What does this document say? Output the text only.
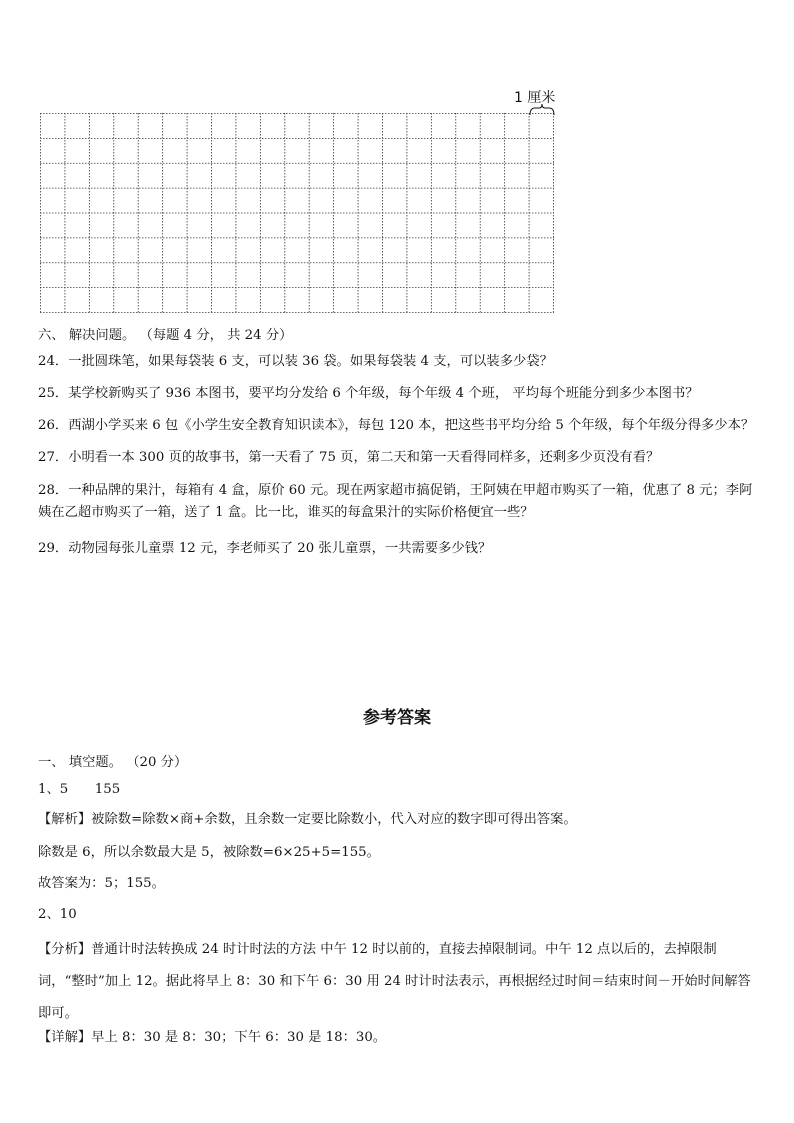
1 厘米
六、 解决问题。 （每题 4 分， 共 24 分）
24．一批圆珠笔，如果每袋装 6 支，可以装 36 袋。如果每袋装 4 支，可以装多少袋？
25．某学校新购买了 936 本图书，要平均分发给 6 个年级，每个年级 4 个班， 平均每个班能分到多少本图书？
26．西湖小学买来 6 包《小学生安全教育知识读本》，每包 120 本，把这些书平均分给 5 个年级，每个年级分得多少本？
27．小明看一本 300 页的故事书，第一天看了 75 页，第二天和第一天看得同样多，还剩多少页没有看？
28．一种品牌的果汁，每箱有 4 盒，原价 60 元。现在两家超市搞促销，王阿姨在甲超市购买了一箱，优惠了 8 元；李阿姨在乙超市购买了一箱，送了 1 盒。比一比，谁买的每盒果汁的实际价格便宜一些？
29．动物园每张儿童票 12 元，李老师买了 20 张儿童票，一共需要多少钱？
参考答案
一、 填空题。 （20 分）
1、5　　155
【解析】被除数=除数×商+余数，且余数一定要比除数小，代入对应的数字即可得出答案。
除数是 6，所以余数最大是 5，被除数=6×25+5=155。
故答案为：5；155。
2、10
【分析】普通计时法转换成 24 时计时法的方法 中午 12 时以前的，直接去掉限制词。中午 12 点以后的，去掉限制词，“整时”加上 12。据此将早上 8：30 和下午 6：30 用 24 时计时法表示，再根据经过时间＝结束时间－开始时间解答即可。
【详解】早上 8：30 是 8：30；下午 6：30 是 18：30。
